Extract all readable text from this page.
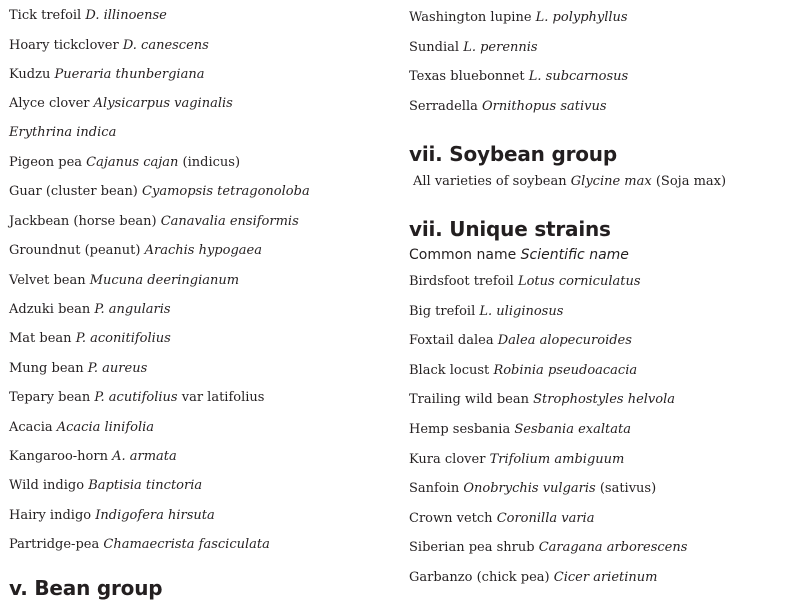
Tick trefoil D. illinoense
Hoary tickclover D. canescens
Kudzu Pueraria thunbergiana
Alyce clover Alysicarpus vaginalis
Erythrina indica
Pigeon pea Cajanus cajan (indicus)
Guar (cluster bean) Cyamopsis tetragonoloba
Jackbean (horse bean) Canavalia ensiformis
Groundnut (peanut) Arachis hypogaea
Velvet bean Mucuna deeringianum
Adzuki bean P. angularis
Mat bean P. aconitifolius
Mung bean P. aureus
Tepary bean P. acutifolius var latifolius
Acacia Acacia linifolia
Kangaroo-horn A. armata
Wild indigo Baptisia tinctoria
Hairy indigo Indigofera hirsuta
Partridge-pea Chamaecrista fasciculata
v. Bean group
Washington lupine L. polyphyllus
Sundial L. perennis
Texas bluebonnet L. subcarnosus
Serradella Ornithopus sativus
vii. Soybean group
All varieties of soybean Glycine max (Soja max)
vii. Unique strains
Common name Scientific name
Birdsfoot trefoil Lotus corniculatus
Big trefoil L. uliginosus
Foxtail dalea Dalea alopecuroides
Black locust Robinia pseudoacacia
Trailing wild bean Strophostyles helvola
Hemp sesbania Sesbania exaltata
Kura clover Trifolium ambiguum
Sanfoin Onobrychis vulgaris (sativus)
Crown vetch Coronilla varia
Siberian pea shrub Caragana arborescens
Garbanzo (chick pea) Cicer arietinum
